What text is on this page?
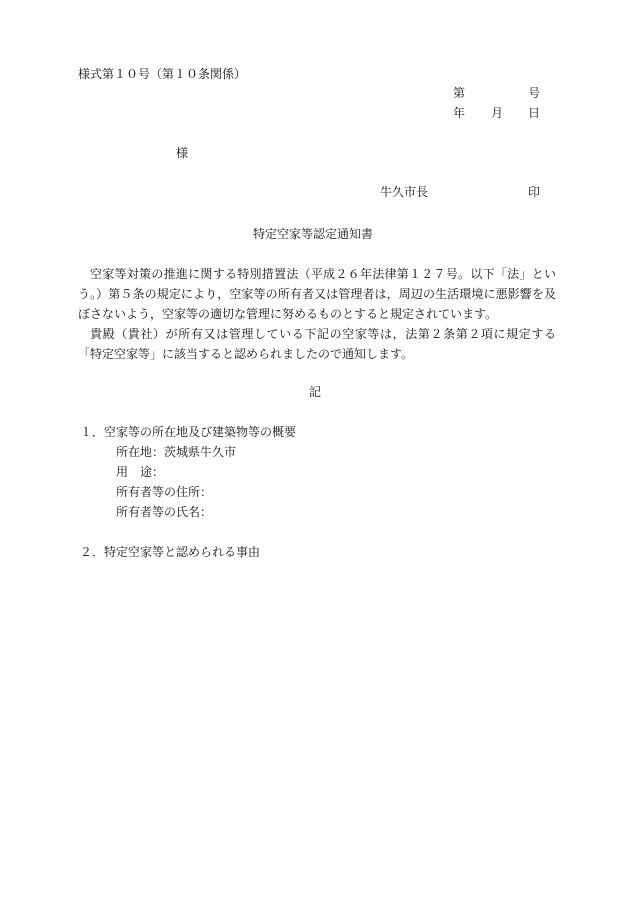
様式第１０号（第１０条関係）
第	号
年 月 日
様
牛久市長	印
特定空家等認定通知書
空家等対策の推進に関する特別措置法（平成２６年法律第１２７号。以下「法」という。）第５条の規定により，空家等の所有者又は管理者は，周辺の生活環境に悪影響を及ぼさないよう，空家等の適切な管理に努めるものとすると規定されています。
貴殿（貴社）が所有又は管理している下記の空家等は，法第２条第２項に規定する「特定空家等」に該当すると認められましたので通知します。
記
１．空家等の所在地及び建築物等の概要
所在地：茨城県牛久市
用　途：
所有者等の住所：
所有者等の氏名：
２．特定空家等と認められる事由
